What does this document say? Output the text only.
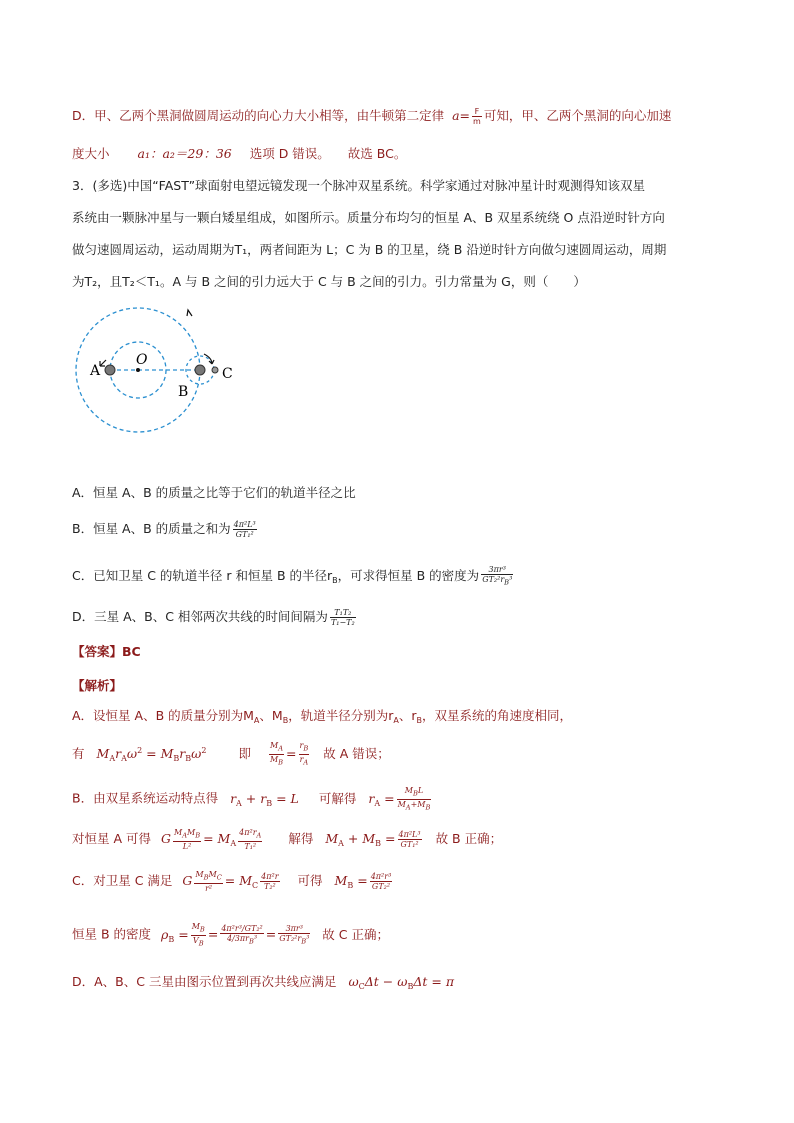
D．甲、乙两个黑洞做圆周运动的向心力大小相等，由牛顿第二定律  $a= \frac{F}{m}$ 可知，甲、乙两个黑洞的向心加速
度大小 a₁：a₂＝29：36 选项 D 错误。 故选 BC。
3．(多选)中国“FAST”球面射电望远镜发现一个脉冲双星系统。科学家通过对脉冲星计时观测得知该双星
系统由一颗脉冲星与一颗白矮星组成，如图所示。质量分布均匀的恒星 A、B 双星系统绕 O 点沿逆时针方向
做匀速圆周运动，运动周期为T₁，两者间距为 L；C 为 B 的卫星，绕 B 沿逆时针方向做匀速圆周运动，周期
为T₂，且T₂＜T₁。A 与 B 之间的引力远大于 C 与 B 之间的引力。引力常量为 G，则（　　）
A
B
C
O
A．恒星 A、B 的质量之比等于它们的轨道半径之比
B．恒星 A、B 的质量之和为 $\frac{\text{4π²L³}}{\text{GT₁²}}$
C．已知卫星 C 的轨道半径 r 和恒星 B 的半径$r_B$，可求得恒星 B 的密度为 $\frac{\text{3πr³}}{GT_2^2r_B^3}$
D．三星 A、B、C 相邻两次共线的时间间隔为 $\frac{\text{T₁T₂}}{\text{T₁−T₂}}$
【答案】BC
【解析】
A．设恒星 A、B 的质量分别为$M_A$、$M_B$，轨道半径分别为$r_A$、$r_B$，双星系统的角速度相同，
有 $M_Ar_A\omega^2 = M_Br_B\omega^2$	即 $\frac{M_A}{M_B} = \frac{r_B}{r_A}$ 故 A 错误；
B．由双星系统运动特点得 $r_A + r_B = L$ 可解得 $r_A = \frac{M_BL}{M_A+M_B}$
对恒星 A 可得 G $\frac{M_AM_B}{\text{L²}} = M_A \frac{4\pi^2r_A}{\text{T₁²}}$ 解得 $M_A + M_B = \frac{\text{4π²L³}}{\text{GT₁²}}$ 故 B 正确；
C．对卫星 C 满足 G $\frac{M_BM_C}{\text{r²}} = M_C \frac{\text{4π²r}}{\text{T₂²}}$ 可得 $M_B = \frac{\text{4π²r³}}{\text{GT₂²}}$
恒星 B 的密度 $\rho_B = \frac{M_B}{V_B} = \frac{\text{4π²r³/GT₂²}}{4/3\pi r_B^3} = \frac{\text{3πr³}}{GT_2^2r_B^3}$ 故 C 正确；
D．A、B、C 三星由图示位置到再次共线应满足 $\omega_C\Delta t - \omega_B\Delta t = \pi$
